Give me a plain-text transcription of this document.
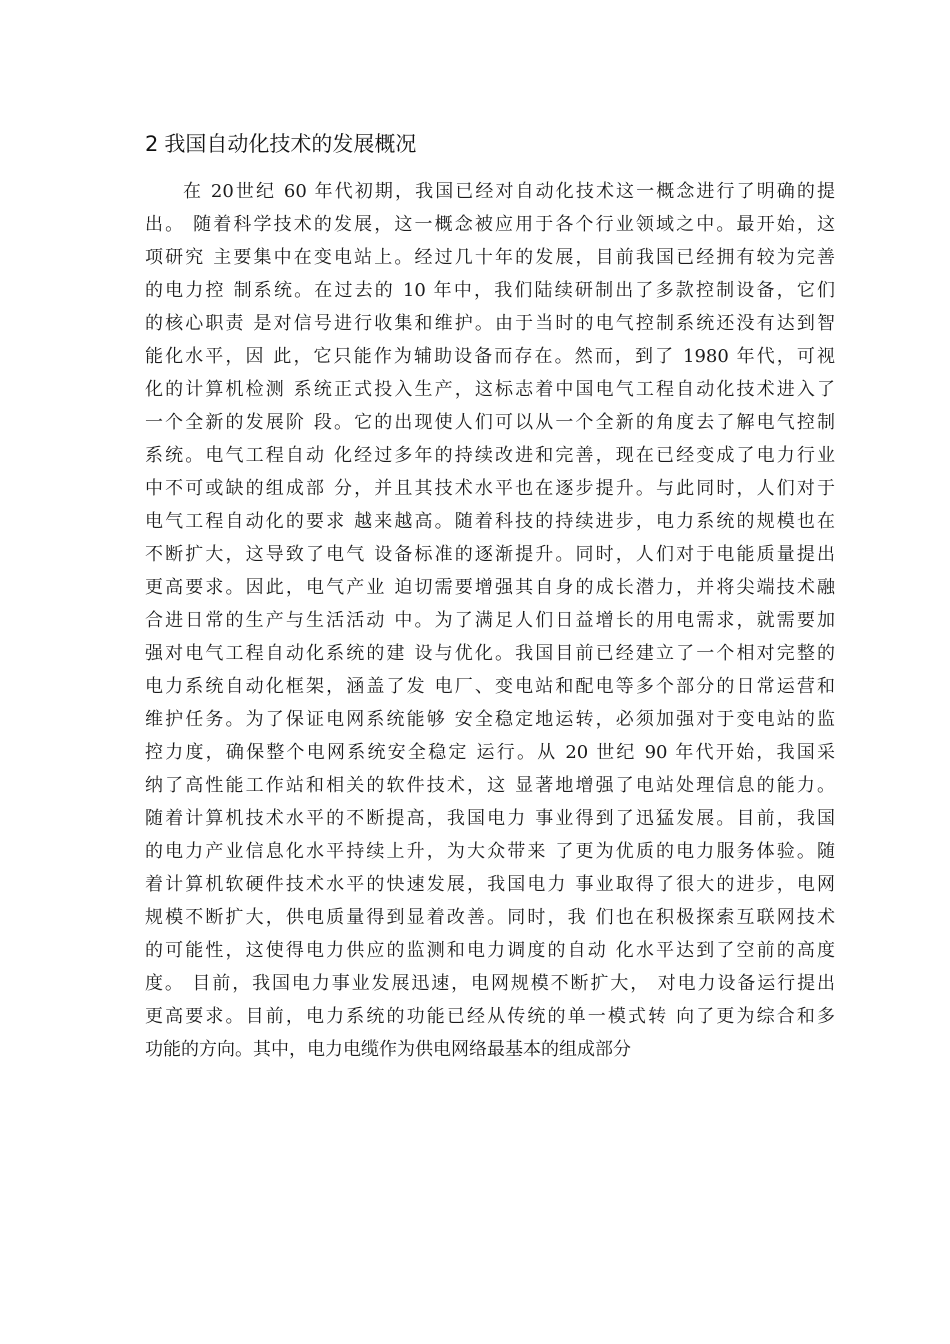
2 我国自动化技术的发展概况
在 20世纪 60 年代初期，我国已经对自动化技术这一概念进行了明确的提
出。 随着科学技术的发展，这一概念被应用于各个行业领域之中。最开始，这
项研究 主要集中在变电站上。经过几十年的发展，目前我国已经拥有较为完善
的电力控 制系统。在过去的 10 年中，我们陆续研制出了多款控制设备，它们
的核心职责 是对信号进行收集和维护。由于当时的电气控制系统还没有达到智
能化水平，因 此，它只能作为辅助设备而存在。然而，到了 1980 年代，可视
化的计算机检测 系统正式投入生产，这标志着中国电气工程自动化技术进入了
一个全新的发展阶 段。它的出现使人们可以从一个全新的角度去了解电气控制
系统。电气工程自动 化经过多年的持续改进和完善，现在已经变成了电力行业
中不可或缺的组成部 分，并且其技术水平也在逐步提升。与此同时，人们对于
电气工程自动化的要求 越来越高。随着科技的持续进步，电力系统的规模也在
不断扩大，这导致了电气 设备标准的逐渐提升。同时，人们对于电能质量提出
更高要求。因此，电气产业 迫切需要增强其自身的成长潜力，并将尖端技术融
合进日常的生产与生活活动 中。为了满足人们日益增长的用电需求，就需要加
强对电气工程自动化系统的建 设与优化。我国目前已经建立了一个相对完整的
电力系统自动化框架，涵盖了发 电厂、变电站和配电等多个部分的日常运营和
维护任务。为了保证电网系统能够 安全稳定地运转，必须加强对于变电站的监
控力度，确保整个电网系统安全稳定 运行。从 20 世纪 90 年代开始，我国采
纳了高性能工作站和相关的软件技术，这 显著地增强了电站处理信息的能力。
随着计算机技术水平的不断提高，我国电力 事业得到了迅猛发展。目前，我国
的电力产业信息化水平持续上升，为大众带来 了更为优质的电力服务体验。随
着计算机软硬件技术水平的快速发展，我国电力 事业取得了很大的进步，电网
规模不断扩大，供电质量得到显着改善。同时，我 们也在积极探索互联网技术
的可能性，这使得电力供应的监测和电力调度的自动 化水平达到了空前的高度
度。 目前，我国电力事业发展迅速，电网规模不断扩大， 对电力设备运行提出
更高要求。目前，电力系统的功能已经从传统的单一模式转 向了更为综合和多
功能的方向。其中，电力电缆作为供电网络最基本的组成部分
